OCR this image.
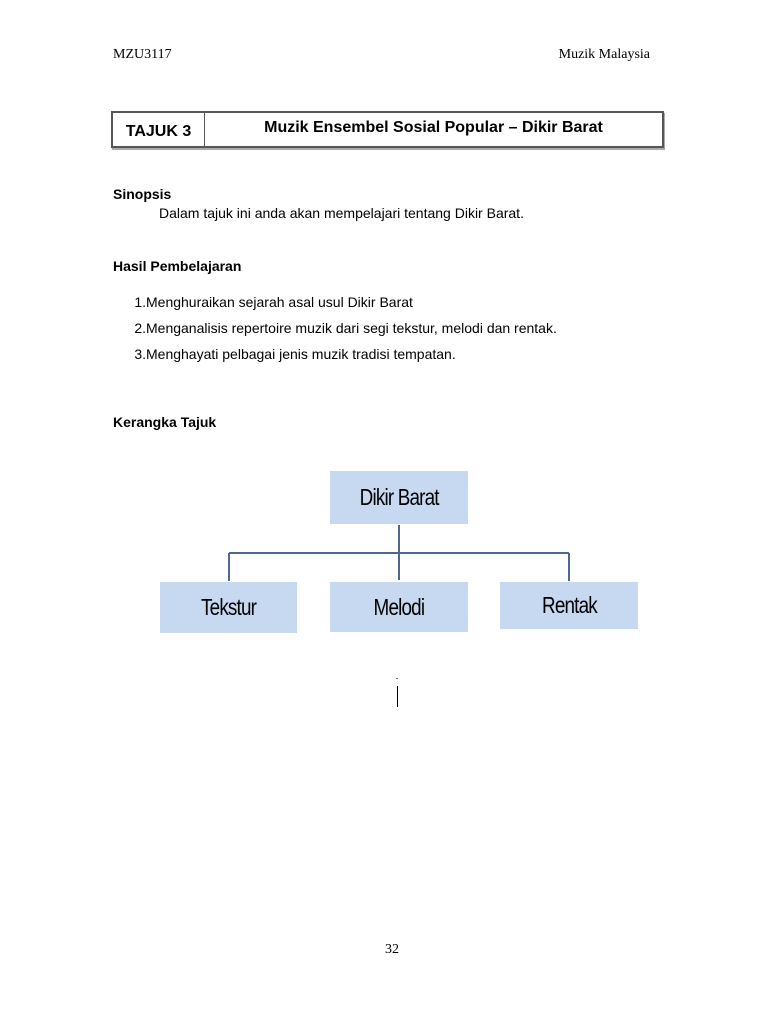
MZU3117	Muzik Malaysia
TAJUK 3	Muzik Ensembel Sosial Popular – Dikir Barat
Sinopsis
Dalam tajuk ini anda akan mempelajari tentang Dikir Barat.
Hasil Pembelajaran
1. Menghuraikan sejarah asal usul Dikir Barat
2. Menganalisis repertoire muzik dari segi tekstur, melodi dan rentak.
3. Menghayati pelbagai jenis muzik tradisi tempatan.
Kerangka Tajuk
Dikir Barat
Tekstur	Melodi	Rentak
32
